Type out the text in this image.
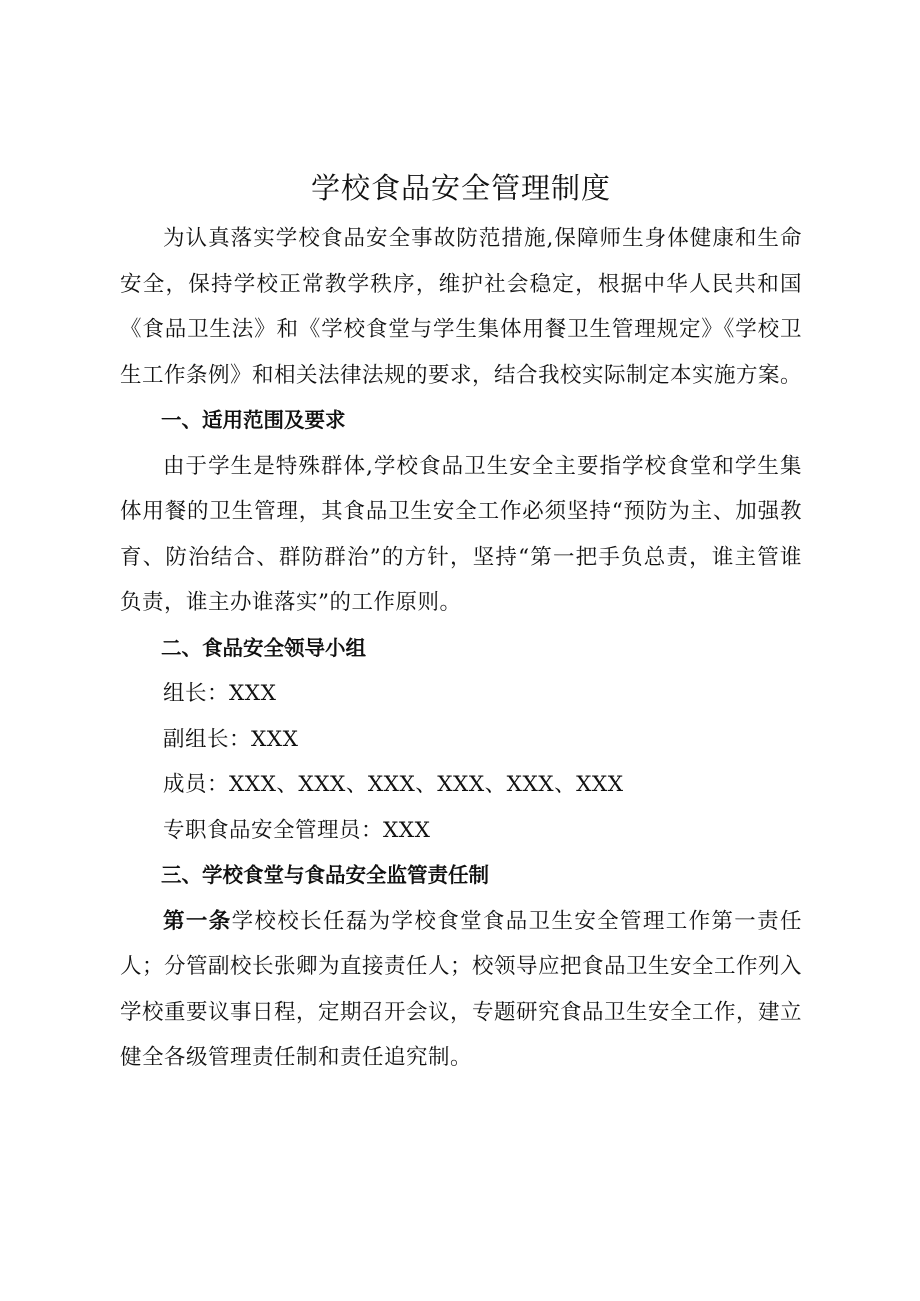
学校食品安全管理制度

为认真落实学校食品安全事故防范措施,保障师生身体健康和生命安全，保持学校正常教学秩序，维护社会稳定，根据中华人民共和国《食品卫生法》和《学校食堂与学生集体用餐卫生管理规定》《学校卫生工作条例》和相关法律法规的要求，结合我校实际制定本实施方案。

一、适用范围及要求

由于学生是特殊群体,学校食品卫生安全主要指学校食堂和学生集体用餐的卫生管理，其食品卫生安全工作必须坚持“预防为主、加强教育、防治结合、群防群治”的方针，坚持“第一把手负总责，谁主管谁负责，谁主办谁落实”的工作原则。

二、食品安全领导小组

组长：XXX

副组长：XXX

成员：XXX、XXX、XXX、XXX、XXX、XXX

专职食品安全管理员：XXX

三、学校食堂与食品安全监管责任制

第一条学校校长任磊为学校食堂食品卫生安全管理工作第一责任人；分管副校长张卿为直接责任人；校领导应把食品卫生安全工作列入学校重要议事日程，定期召开会议，专题研究食品卫生安全工作，建立健全各级管理责任制和责任追究制。
